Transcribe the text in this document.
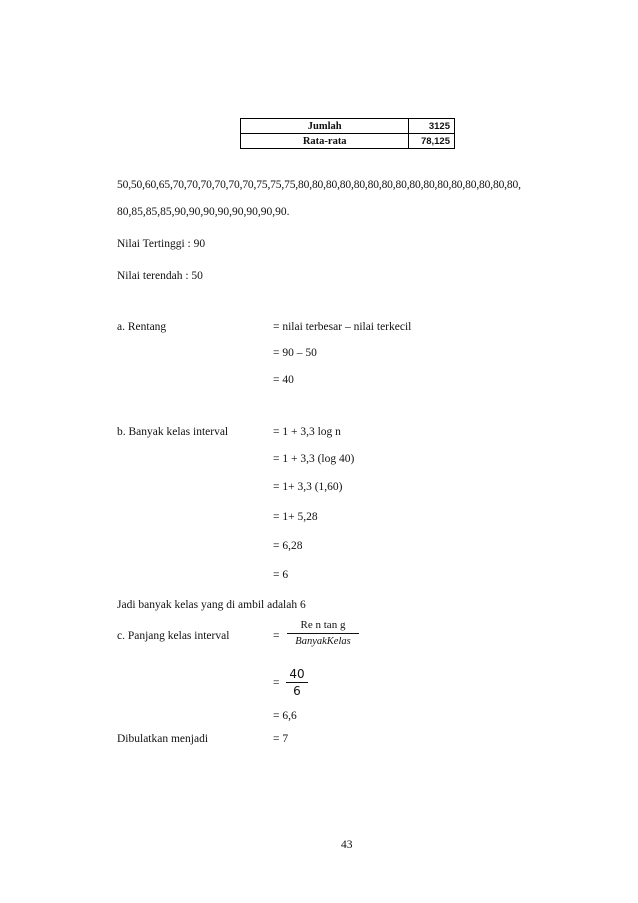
Jumlah	3125
Rata-rata	78,125
50,50,60,65,70,70,70,70,70,70,75,75,75,80,80,80,80,80,80,80,80,80,80,80,80,80,80,80,80,
80,85,85,85,90,90,90,90,90,90,90,90.
Nilai Tertinggi : 90
Nilai terendah : 50
a. Rentang	= nilai terbesar – nilai terkecil
= 90 – 50
= 40
b. Banyak kelas interval	= 1 + 3,3 log n
= 1 + 3,3 (log 40)
= 1+ 3,3 (1,60)
= 1+ 5,28
= 6,28
= 6
Jadi banyak kelas yang di ambil adalah 6
c. Panjang kelas interval	=
Re n tan g
BanyakKelas
=
40
6
= 6,6
Dibulatkan menjadi	= 7
43
